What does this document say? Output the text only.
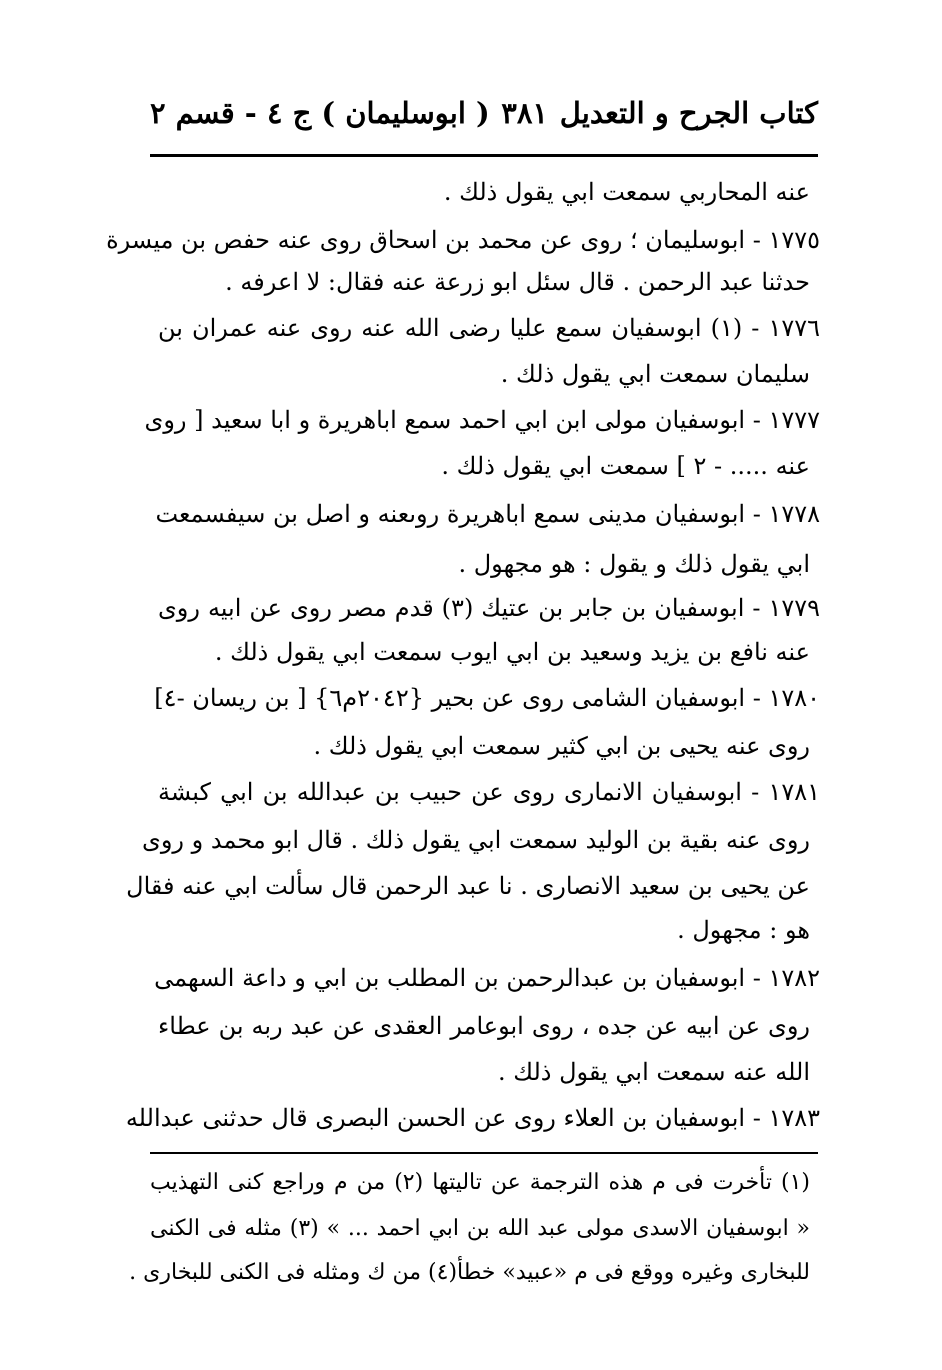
كتاب الجرح و التعديل
٣٨١
( ابوسليمان ) ج ٤ - قسم ٢
عنه المحاربي سمعت ابي يقول ذلك .
١٧٧٥ - ابوسليمان ؛ روى عن محمد بن اسحاق روى عنه حفص بن ميسرة
حدثنا عبد الرحمن . قال سئل ابو زرعة عنه فقال: لا اعرفه .
١٧٧٦ - (١) ابوسفيان سمع عليا رضى الله عنه روى عنه عمران بن
سليمان سمعت ابي يقول ذلك .
١٧٧٧ - ابوسفيان مولى ابن ابي احمد سمع اباهريرة و ابا سعيد [ روى
عنه ..... - ٢ ] سمعت ابي يقول ذلك .
١٧٧٨ - ابوسفيان مدينى سمع اباهريرة روىعنه و اصل بن سيفسمعت
ابي يقول ذلك و يقول : هو مجهول .
١٧٧٩ - ابوسفيان بن جابر بن عتيك (٣) قدم مصر روى عن ابيه روى
عنه نافع بن يزيد وسعيد بن ابي ايوب سمعت ابي يقول ذلك .
١٧٨٠ - ابوسفيان الشامى روى عن بحير {٢٠٤٢م٦} [ بن ريسان -٤]
روى عنه يحيى بن ابي كثير سمعت ابي يقول ذلك .
١٧٨١ - ابوسفيان الانمارى روى عن حبيب بن عبدالله بن ابي كبشة
روى عنه بقية بن الوليد سمعت ابي يقول ذلك . قال ابو محمد و روى
عن يحيى بن سعيد الانصارى . نا عبد الرحمن قال سألت ابي عنه فقال
هو : مجهول .
١٧٨٢ - ابوسفيان بن عبدالرحمن بن المطلب بن ابي و داعة السهمى
روى عن ابيه عن جده ، روى ابوعامر العقدى عن عبد ربه بن عطاء
الله عنه سمعت ابي يقول ذلك .
١٧٨٣ - ابوسفيان بن العلاء روى عن الحسن البصرى قال حدثنى عبدالله
(١) تأخرت فى م هذه الترجمة عن تاليتها (٢) من م وراجع كنى التهذيب
« ابوسفيان الاسدى مولى عبد الله بن ابي احمد ... » (٣) مثله فى الكنى
للبخارى وغيره ووقع فى م «عبيد» خطأ(٤) من ك ومثله فى الكنى للبخارى .
